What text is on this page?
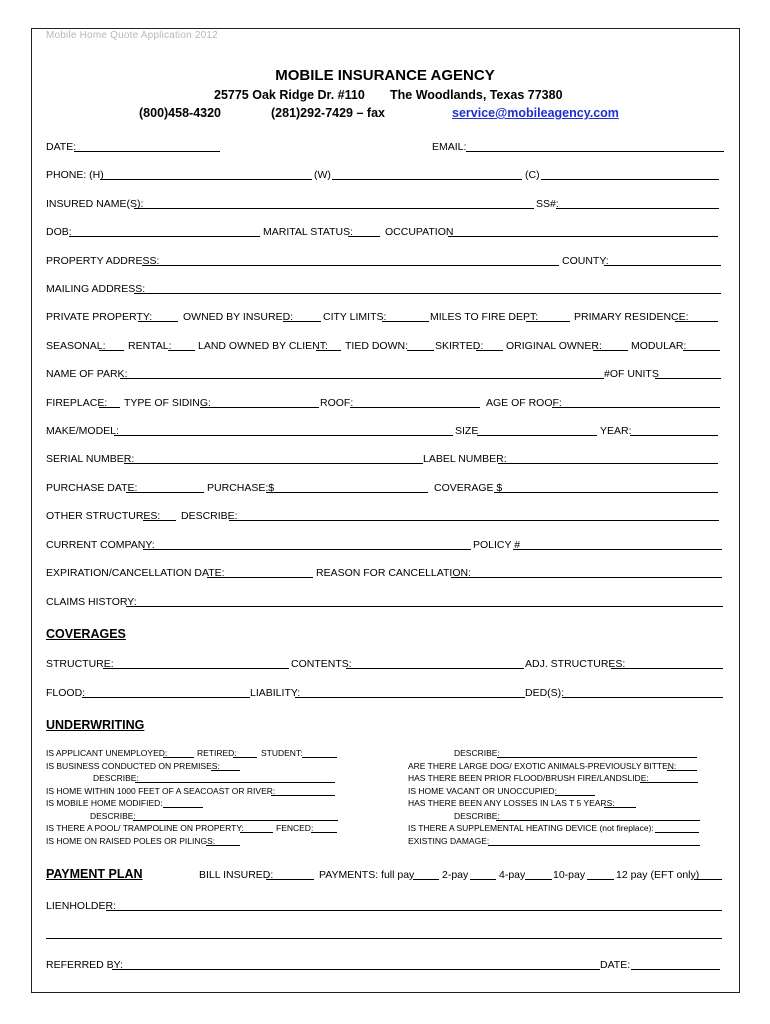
Mobile Home Quote Application 2012
MOBILE INSURANCE AGENCY
25775 Oak Ridge Dr. #110 The Woodlands, Texas 77380
(800)458-4320	(281)292-7429 – fax	service@mobileagency.com
DATE:	EMAIL:
PHONE: (H)	(W)	(C)
INSURED NAME(S):	SS#:
DOB:	MARITAL STATUS:	OCCUPATION
PROPERTY ADDRESS:	COUNTY:
MAILING ADDRESS:
PRIVATE PROPERTY:	OWNED BY INSURED:	CITY LIMITS:	MILES TO FIRE DEPT:	PRIMARY RESIDENCE:
SEASONAL: RENTAL:	LAND OWNED BY CLIENT: TIED DOWN:	SKIRTED: ORIGINAL OWNER:	MODULAR:
NAME OF PARK:	#OF UNITS
FIREPLACE: TYPE OF SIDING:	ROOF:	AGE OF ROOF:
MAKE/MODEL:	SIZE	YEAR:
SERIAL NUMBER:	LABEL NUMBER:
PURCHASE DATE:	PURCHASE:$	COVERAGE $
OTHER STRUCTURES: DESCRIBE:
CURRENT COMPANY:	POLICY #
EXPIRATION/CANCELLATION DATE:	REASON FOR CANCELLATION:
CLAIMS HISTORY:
COVERAGES
STRUCTURE:	CONTENTS:	ADJ. STRUCTURES:
FLOOD:	LIABILITY:	DED(S):
UNDERWRITING
IS APPLICANT UNEMPLOYED:	RETIRED:	STUDENT:
IS BUSINESS CONDUCTED ON PREMISES:
DESCRIBE:
IS HOME WITHIN 1000 FEET OF A SEACOAST OR RIVER:
IS MOBILE HOME MODIFIED:
DESCRIBE:
IS THERE A POOL/ TRAMPOLINE ON PROPERTY:	FENCED:
IS HOME ON RAISED POLES OR PILINGS:
DESCRIBE:
ARE THERE LARGE DOG/ EXOTIC ANIMALS-PREVIOUSLY BITTEN:
HAS THERE BEEN PRIOR FLOOD/BRUSH FIRE/LANDSLIDE:
IS HOME VACANT OR UNOCCUPIED:
HAS THERE BEEN ANY LOSSES IN LAS T 5 YEARS:
DESCRIBE:
IS THERE A SUPPLEMENTAL HEATING DEVICE (not fireplace):
EXISTING DAMAGE:
PAYMENT PLAN	BILL INSURED:	PAYMENTS: full pay	2-pay	4-pay	10-pay	12 pay (EFT only)
LIENHOLDER:
REFERRED BY:	DATE:
